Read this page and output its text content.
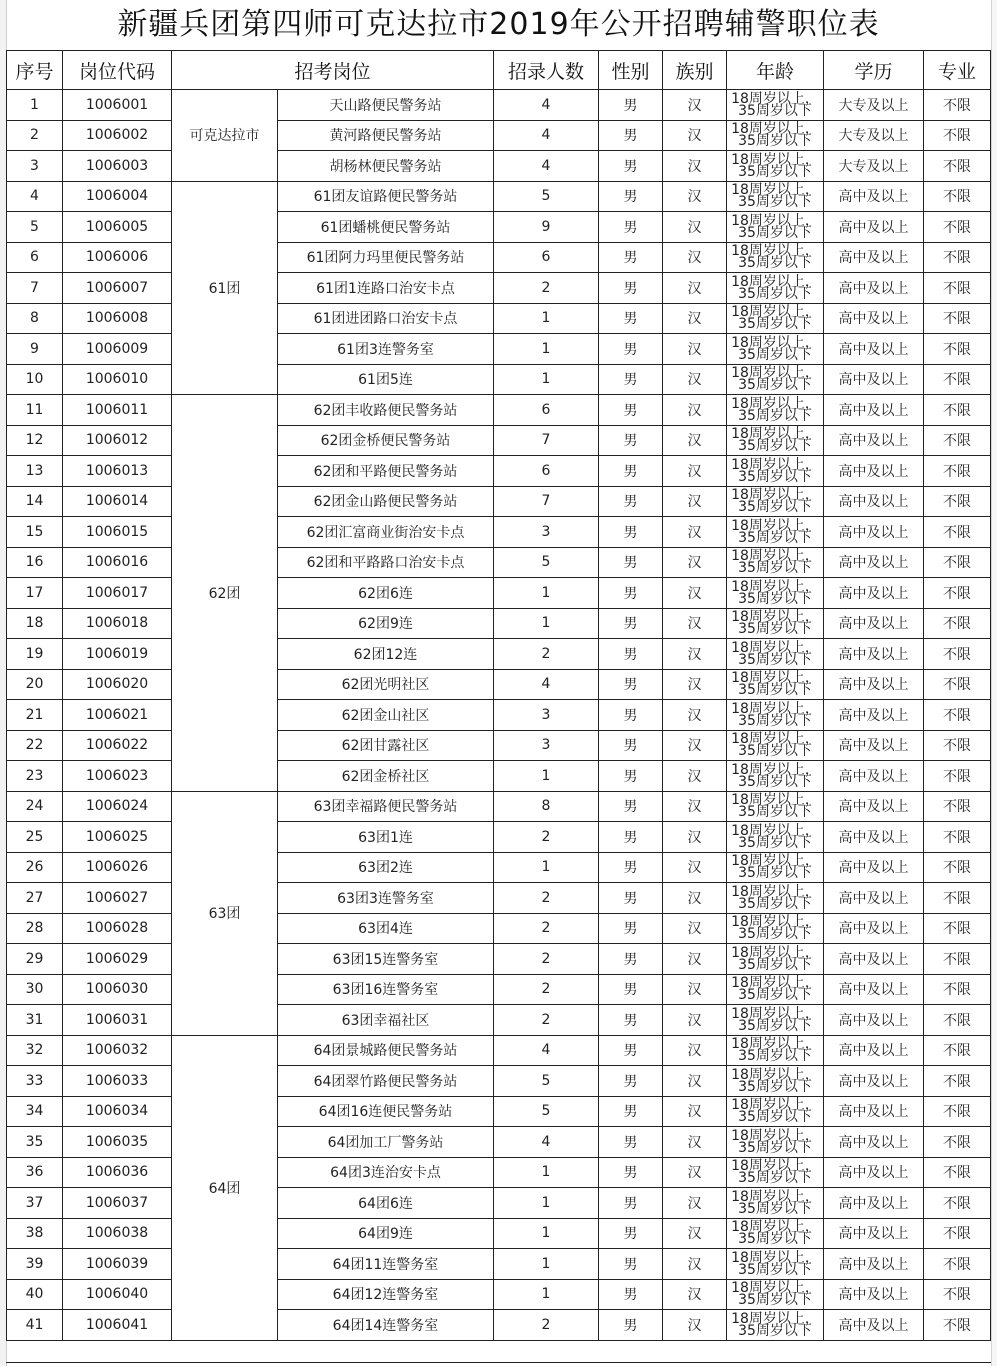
新疆兵团第四师可克达拉市2019年公开招聘辅警职位表
序号	岗位代码	招考岗位		招录人数	性别	族别	年龄	学历	专业
1	1006001	可克达拉市	天山路便民警务站	4	男	汉	18周岁以上，
35周岁以下	大专及以上	不限
2	1006002		黄河路便民警务站	4	男	汉	18周岁以上，
35周岁以下	大专及以上	不限
3	1006003		胡杨林便民警务站	4	男	汉	18周岁以上，
35周岁以下	大专及以上	不限
4	1006004	61团	61团友谊路便民警务站	5	男	汉	18周岁以上，
35周岁以下	高中及以上	不限
5	1006005		61团蟠桃便民警务站	9	男	汉	18周岁以上，
35周岁以下	高中及以上	不限
6	1006006		61团阿力玛里便民警务站	6	男	汉	18周岁以上，
35周岁以下	高中及以上	不限
7	1006007		61团1连路口治安卡点	2	男	汉	18周岁以上，
35周岁以下	高中及以上	不限
8	1006008		61团进团路口治安卡点	1	男	汉	18周岁以上，
35周岁以下	高中及以上	不限
9	1006009		61团3连警务室	1	男	汉	18周岁以上，
35周岁以下	高中及以上	不限
10	1006010		61团5连	1	男	汉	18周岁以上，
35周岁以下	高中及以上	不限
11	1006011	62团	62团丰收路便民警务站	6	男	汉	18周岁以上，
35周岁以下	高中及以上	不限
12	1006012		62团金桥便民警务站	7	男	汉	18周岁以上，
35周岁以下	高中及以上	不限
13	1006013		62团和平路便民警务站	6	男	汉	18周岁以上，
35周岁以下	高中及以上	不限
14	1006014		62团金山路便民警务站	7	男	汉	18周岁以上，
35周岁以下	高中及以上	不限
15	1006015		62团汇富商业街治安卡点	3	男	汉	18周岁以上，
35周岁以下	高中及以上	不限
16	1006016		62团和平路路口治安卡点	5	男	汉	18周岁以上，
35周岁以下	高中及以上	不限
17	1006017		62团6连	1	男	汉	18周岁以上，
35周岁以下	高中及以上	不限
18	1006018		62团9连	1	男	汉	18周岁以上，
35周岁以下	高中及以上	不限
19	1006019		62团12连	2	男	汉	18周岁以上，
35周岁以下	高中及以上	不限
20	1006020		62团光明社区	4	男	汉	18周岁以上，
35周岁以下	高中及以上	不限
21	1006021		62团金山社区	3	男	汉	18周岁以上，
35周岁以下	高中及以上	不限
22	1006022		62团甘露社区	3	男	汉	18周岁以上，
35周岁以下	高中及以上	不限
23	1006023		62团金桥社区	1	男	汉	18周岁以上，
35周岁以下	高中及以上	不限
24	1006024	63团	63团幸福路便民警务站	8	男	汉	18周岁以上，
35周岁以下	高中及以上	不限
25	1006025		63团1连	2	男	汉	18周岁以上，
35周岁以下	高中及以上	不限
26	1006026		63团2连	1	男	汉	18周岁以上，
35周岁以下	高中及以上	不限
27	1006027		63团3连警务室	2	男	汉	18周岁以上，
35周岁以下	高中及以上	不限
28	1006028		63团4连	2	男	汉	18周岁以上，
35周岁以下	高中及以上	不限
29	1006029		63团15连警务室	2	男	汉	18周岁以上，
35周岁以下	高中及以上	不限
30	1006030		63团16连警务室	2	男	汉	18周岁以上，
35周岁以下	高中及以上	不限
31	1006031		63团幸福社区	2	男	汉	18周岁以上，
35周岁以下	高中及以上	不限
32	1006032	64团	64团景城路便民警务站	4	男	汉	18周岁以上，
35周岁以下	高中及以上	不限
33	1006033		64团翠竹路便民警务站	5	男	汉	18周岁以上，
35周岁以下	高中及以上	不限
34	1006034		64团16连便民警务站	5	男	汉	18周岁以上，
35周岁以下	高中及以上	不限
35	1006035		64团加工厂警务站	4	男	汉	18周岁以上，
35周岁以下	高中及以上	不限
36	1006036		64团3连治安卡点	1	男	汉	18周岁以上，
35周岁以下	高中及以上	不限
37	1006037		64团6连	1	男	汉	18周岁以上，
35周岁以下	高中及以上	不限
38	1006038		64团9连	1	男	汉	18周岁以上，
35周岁以下	高中及以上	不限
39	1006039		64团11连警务室	1	男	汉	18周岁以上，
35周岁以下	高中及以上	不限
40	1006040		64团12连警务室	1	男	汉	18周岁以上，
35周岁以下	高中及以上	不限
41	1006041		64团14连警务室	2	男	汉	18周岁以上，
35周岁以下	高中及以上	不限
